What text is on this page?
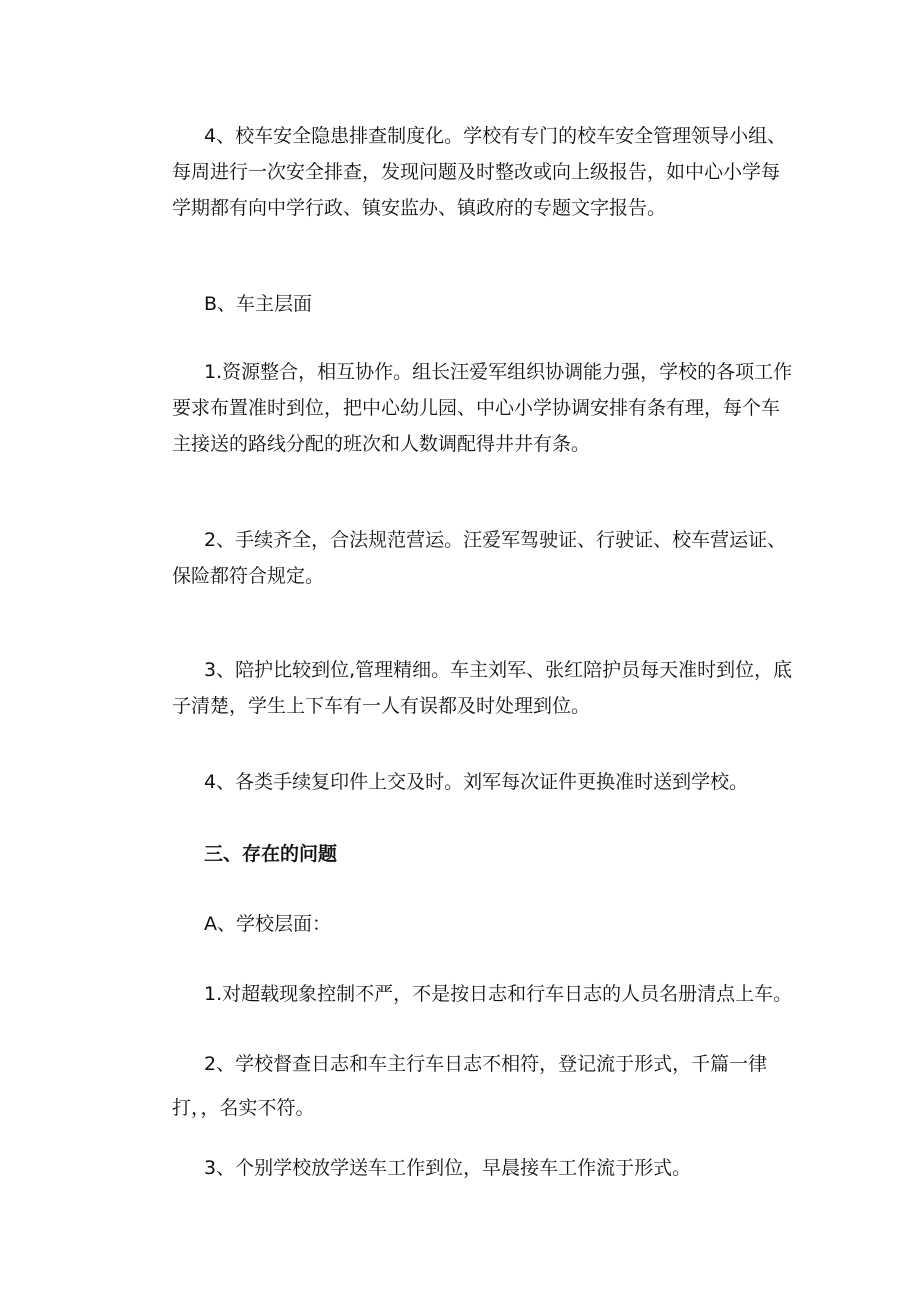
4、校车安全隐患排查制度化。学校有专门的校车安全管理领导小组、
每周进行一次安全排查，发现问题及时整改或向上级报告，如中心小学每
学期都有向中学行政、镇安监办、镇政府的专题文字报告。
B、车主层面
1.资源整合，相互协作。组长汪爱军组织协调能力强，学校的各项工作
要求布置准时到位，把中心幼儿园、中心小学协调安排有条有理，每个车
主接送的路线分配的班次和人数调配得井井有条。
2、手续齐全，合法规范营运。汪爱军驾驶证、行驶证、校车营运证、
保险都符合规定。
3、陪护比较到位,管理精细。车主刘军、张红陪护员每天准时到位，底
子清楚，学生上下车有一人有误都及时处理到位。
4、各类手续复印件上交及时。刘军每次证件更换准时送到学校。
三、存在的问题
A、学校层面：
1.对超载现象控制不严，不是按日志和行车日志的人员名册清点上车。
2、学校督查日志和车主行车日志不相符，登记流于形式，千篇一律
打，，名实不符。
3、个别学校放学送车工作到位，早晨接车工作流于形式。
